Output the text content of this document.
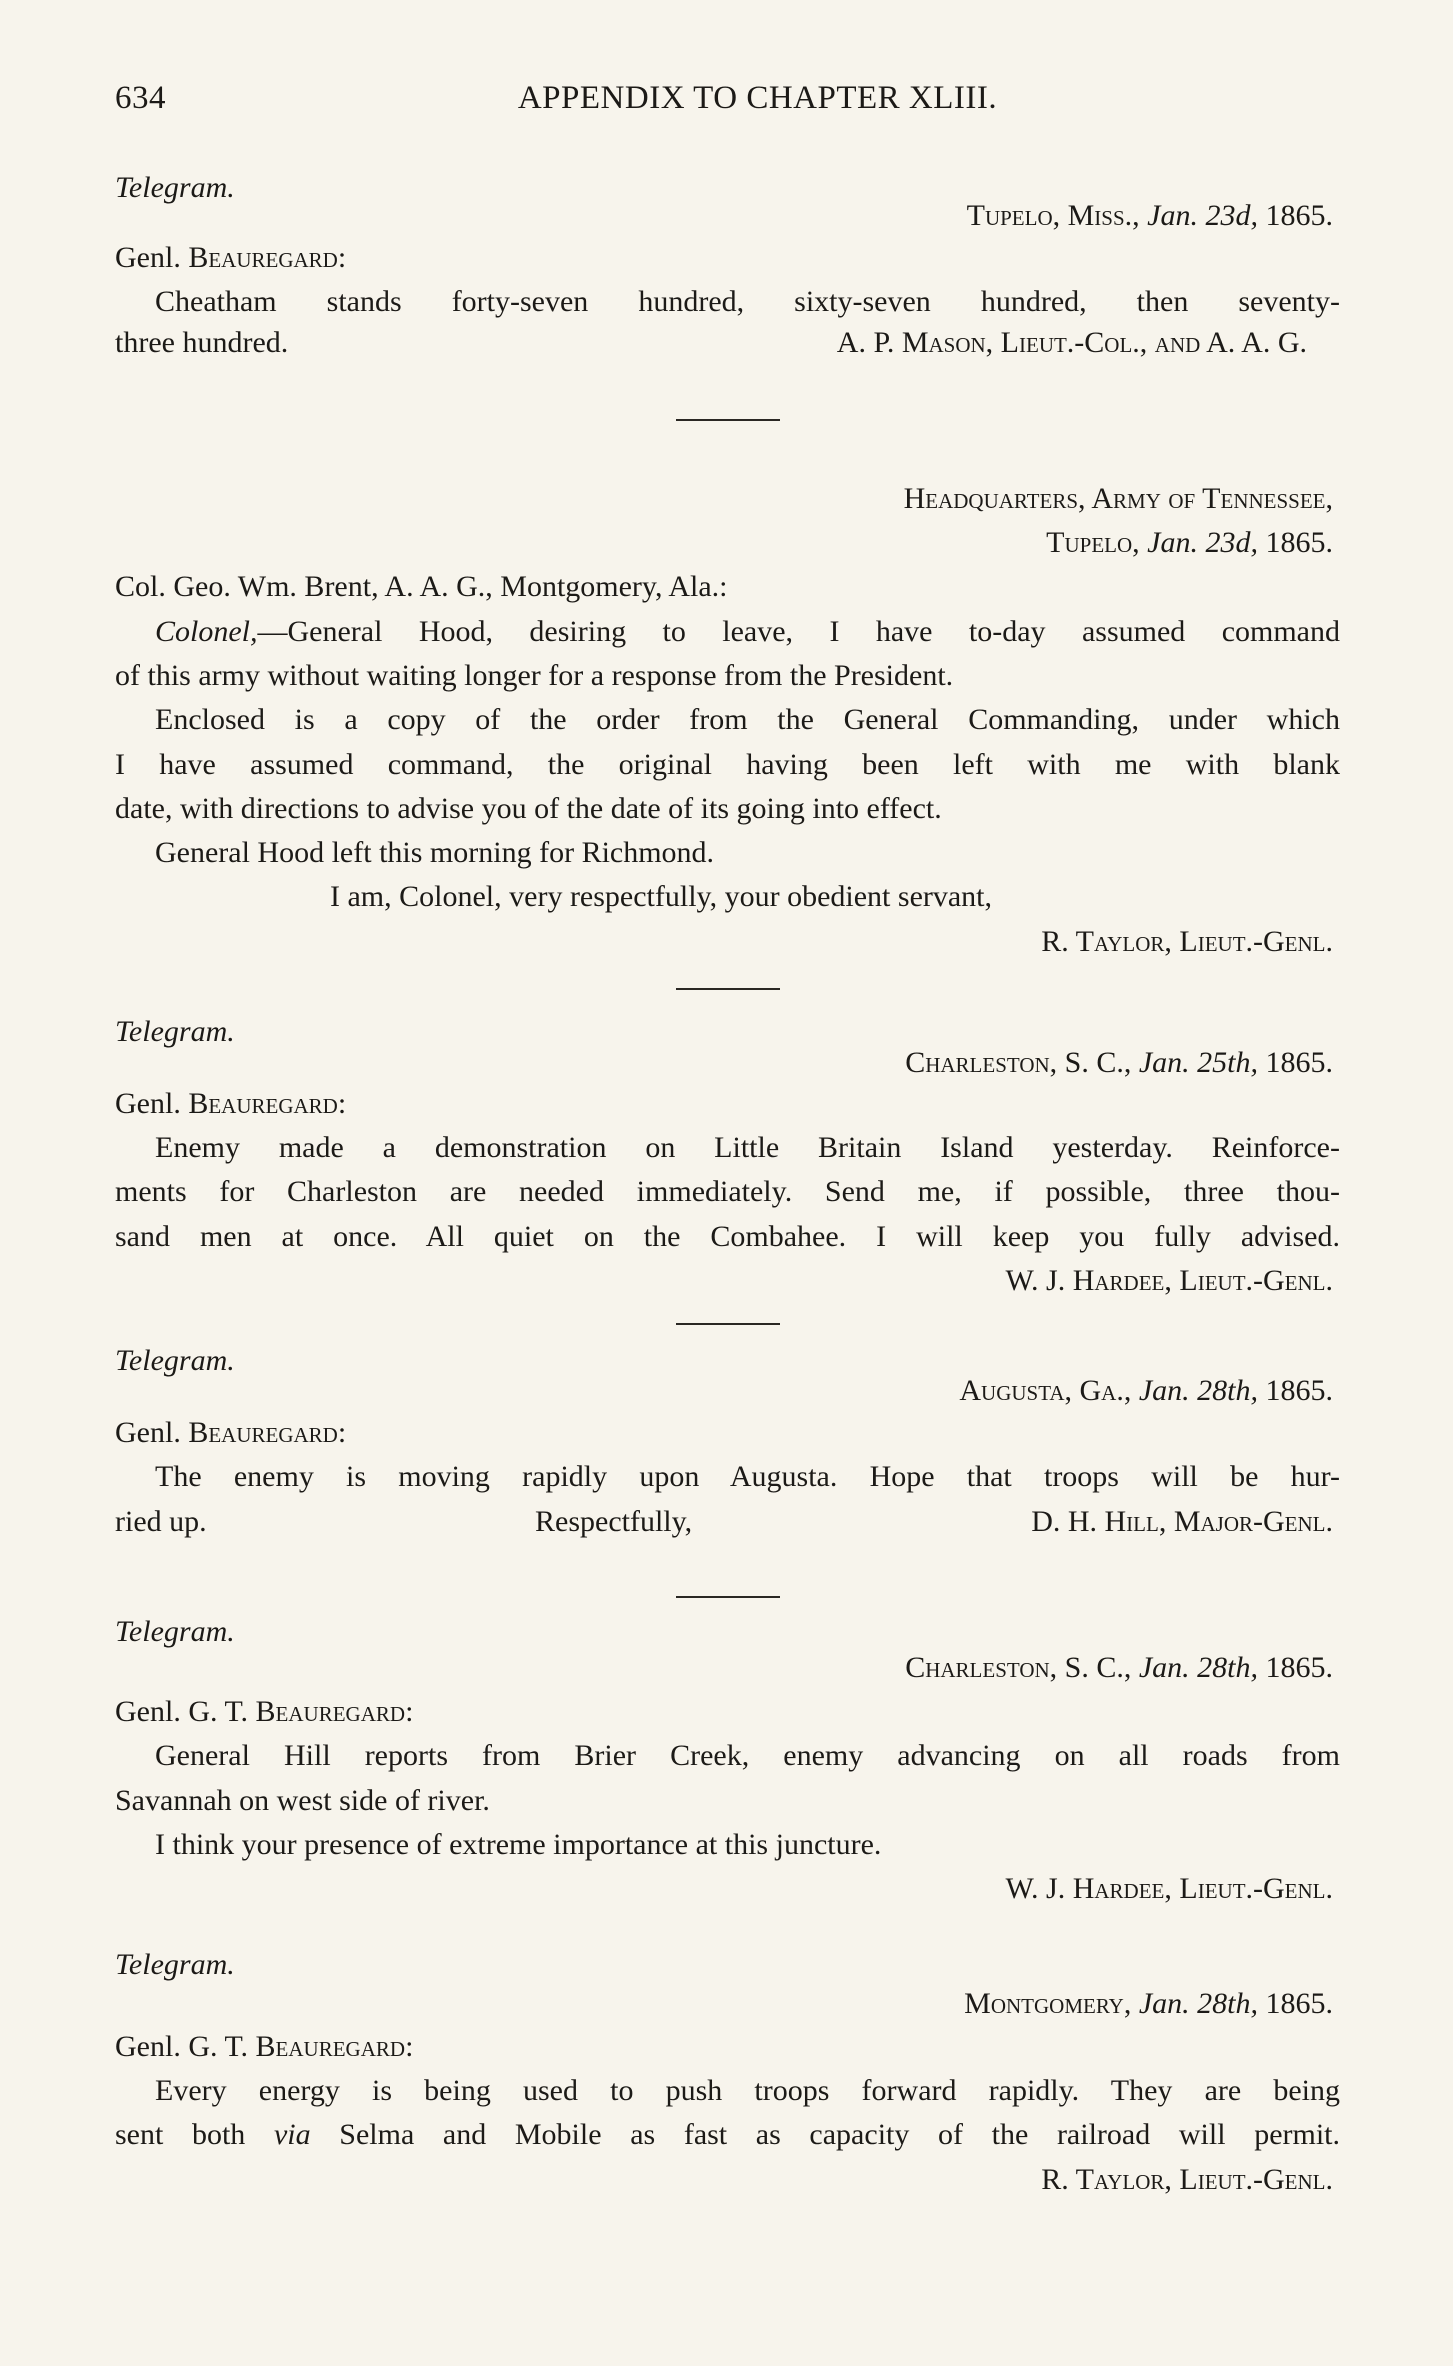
634	APPENDIX TO CHAPTER XLIII.
Telegram.
Tupelo, Miss., Jan. 23d, 1865.
Genl. Beauregard:
Cheatham stands forty-seven hundred, sixty-seven hundred, then seventy-
three hundred.	A. P. Mason, Lieut.-Col., and A. A. G.
Headquarters, Army of Tennessee,
Tupelo, Jan. 23d, 1865.
Col. Geo. Wm. Brent, A. A. G., Montgomery, Ala.:
Colonel,—General Hood, desiring to leave, I have to-day assumed command
of this army without waiting longer for a response from the President.
Enclosed is a copy of the order from the General Commanding, under which
I have assumed command, the original having been left with me with blank
date, with directions to advise you of the date of its going into effect.
General Hood left this morning for Richmond.
I am, Colonel, very respectfully, your obedient servant,
R. Taylor, Lieut.-Genl.
Telegram.
Charleston, S. C., Jan. 25th, 1865.
Genl. Beauregard:
Enemy made a demonstration on Little Britain Island yesterday. Reinforce-
ments for Charleston are needed immediately. Send me, if possible, three thou-
sand men at once. All quiet on the Combahee. I will keep you fully advised.
W. J. Hardee, Lieut.-Genl.
Telegram.
Augusta, Ga., Jan. 28th, 1865.
Genl. Beauregard:
The enemy is moving rapidly upon Augusta. Hope that troops will be hur-
ried up.	Respectfully,	D. H. Hill, Major-Genl.
Telegram.
Charleston, S. C., Jan. 28th, 1865.
Genl. G. T. Beauregard:
General Hill reports from Brier Creek, enemy advancing on all roads from
Savannah on west side of river.
I think your presence of extreme importance at this juncture.
W. J. Hardee, Lieut.-Genl.
Telegram.
Montgomery, Jan. 28th, 1865.
Genl. G. T. Beauregard:
Every energy is being used to push troops forward rapidly. They are being
sent both via Selma and Mobile as fast as capacity of the railroad will permit.
R. Taylor, Lieut.-Genl.
